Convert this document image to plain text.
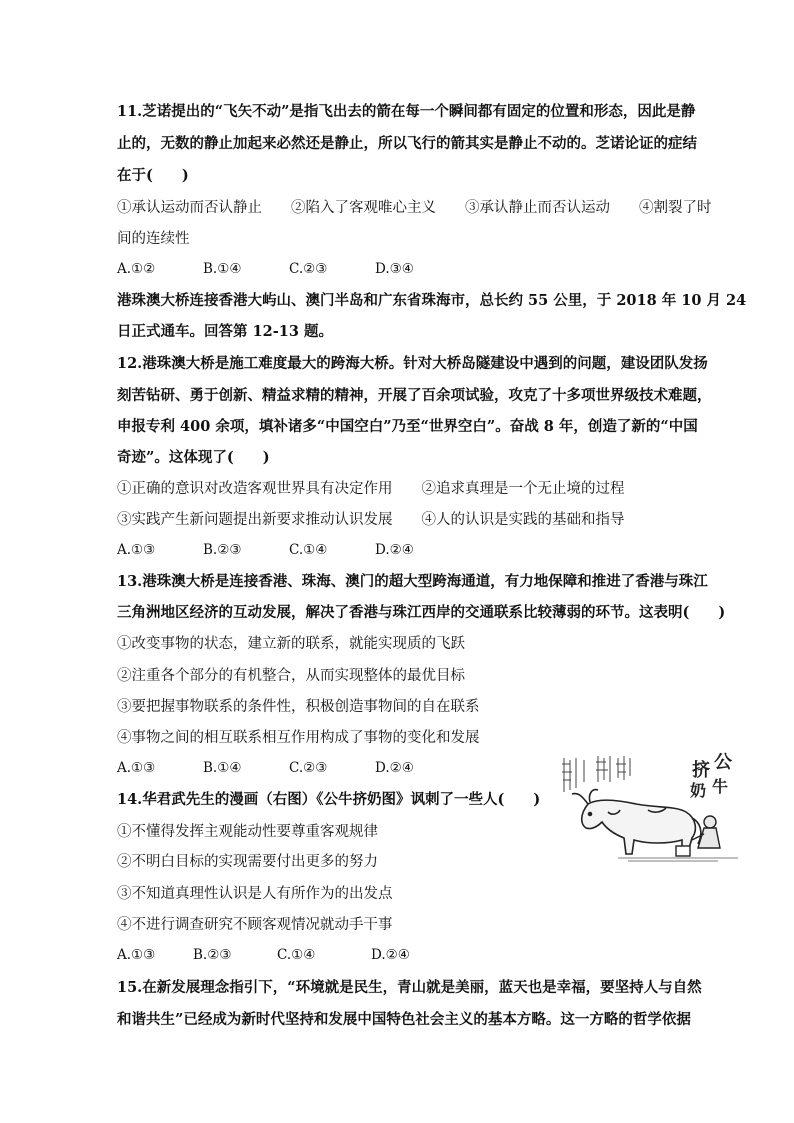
11.芝诺提出的“飞矢不动”是指飞出去的箭在每一个瞬间都有固定的位置和形态，因此是静
止的，无数的静止加起来必然还是静止，所以飞行的箭其实是静止不动的。芝诺论证的症结
在于(　　)
①承认运动而否认静止　　②陷入了客观唯心主义　　③承认静止而否认运动　　④割裂了时
间的连续性
A.①②	B.①④	C.②③	D.③④
港珠澳大桥连接香港大屿山、澳门半岛和广东省珠海市，总长约 55 公里，于 2018 年 10 月 24
日正式通车。回答第 12-13 题。
12.港珠澳大桥是施工难度最大的跨海大桥。针对大桥岛隧建设中遇到的问题，建设团队发扬
刻苦钻研、勇于创新、精益求精的精神，开展了百余项试验，攻克了十多项世界级技术难题，
申报专利 400 余项，填补诸多“中国空白”乃至“世界空白”。奋战 8 年，创造了新的“中国
奇迹”。这体现了(　　)
①正确的意识对改造客观世界具有决定作用　　②追求真理是一个无止境的过程
③实践产生新问题提出新要求推动认识发展　　④人的认识是实践的基础和指导
A.①③	B.②③	C.①④	D.②④
13.港珠澳大桥是连接香港、珠海、澳门的超大型跨海通道，有力地保障和推进了香港与珠江
三角洲地区经济的互动发展，解决了香港与珠江西岸的交通联系比较薄弱的环节。这表明(　　)
①改变事物的状态，建立新的联系，就能实现质的飞跃
②注重各个部分的有机整合，从而实现整体的最优目标
③要把握事物联系的条件性，积极创造事物间的自在联系
④事物之间的相互联系相互作用构成了事物的变化和发展
A.①③	B.①④	C.②③	D.②④
14.华君武先生的漫画（右图）《公牛挤奶图》讽刺了一些人(　　)
①不懂得发挥主观能动性要尊重客观规律
②不明白目标的实现需要付出更多的努力
③不知道真理性认识是人有所作为的出发点
④不进行调查研究不顾客观情况就动手干事
A.①③	B.②③	C.①④	D.②④
15.在新发展理念指引下，“环境就是民生，青山就是美丽，蓝天也是幸福，要坚持人与自然
和谐共生”已经成为新时代坚持和发展中国特色社会主义的基本方略。这一方略的哲学依据
挤 公
奶 牛
